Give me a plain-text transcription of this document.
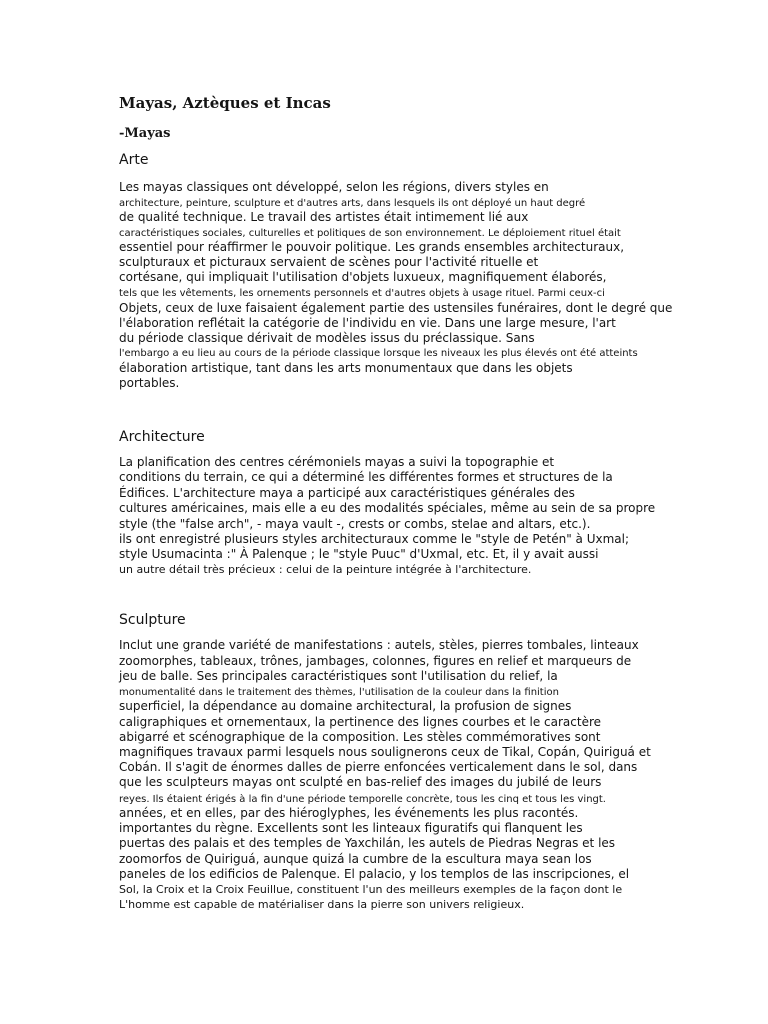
Mayas, Aztèques et Incas
-Mayas
Arte

Les mayas classiques ont développé, selon les régions, divers styles en

architecture, peinture, sculpture et d'autres arts, dans lesquels ils ont déployé un haut degré

de qualité technique. Le travail des artistes était intimement lié aux

caractéristiques sociales, culturelles et politiques de son environnement. Le déploiement rituel était

essentiel pour réaffirmer le pouvoir politique. Les grands ensembles architecturaux,

sculpturaux et picturaux servaient de scènes pour l'activité rituelle et

cortésane, qui impliquait l'utilisation d'objets luxueux, magnifiquement élaborés,

tels que les vêtements, les ornements personnels et d'autres objets à usage rituel. Parmi ceux-ci

Objets, ceux de luxe faisaient également partie des ustensiles funéraires, dont le degré que

l'élaboration reflétait la catégorie de l'individu en vie. Dans une large mesure, l'art

du période classique dérivait de modèles issus du préclassique. Sans

l'embargo a eu lieu au cours de la période classique lorsque les niveaux les plus élevés ont été atteints

élaboration artistique, tant dans les arts monumentaux que dans les objets

portables.

Architecture

La planification des centres cérémoniels mayas a suivi la topographie et

conditions du terrain, ce qui a déterminé les différentes formes et structures de la

Édifices. L'architecture maya a participé aux caractéristiques générales des

cultures américaines, mais elle a eu des modalités spéciales, même au sein de sa propre

style (the "false arch", - maya vault -, crests or combs, stelae and altars, etc.).

ils ont enregistré plusieurs styles architecturaux comme le "style de Petén" à Uxmal;

style Usumacinta :" À Palenque ; le "style Puuc" d'Uxmal, etc. Et, il y avait aussi

un autre détail très précieux : celui de la peinture intégrée à l'architecture.

Sculpture

Inclut une grande variété de manifestations : autels, stèles, pierres tombales, linteaux

zoomorphes, tableaux, trônes, jambages, colonnes, figures en relief et marqueurs de

jeu de balle. Ses principales caractéristiques sont l'utilisation du relief, la

monumentalité dans le traitement des thèmes, l'utilisation de la couleur dans la finition

superficiel, la dépendance au domaine architectural, la profusion de signes

caligraphiques et ornementaux, la pertinence des lignes courbes et le caractère

abigarré et scénographique de la composition. Les stèles commémoratives sont

magnifiques travaux parmi lesquels nous soulignerons ceux de Tikal, Copán, Quiriguá et

Cobán. Il s'agit de énormes dalles de pierre enfoncées verticalement dans le sol, dans

que les sculpteurs mayas ont sculpté en bas-relief des images du jubilé de leurs

reyes. Ils étaient érigés à la fin d'une période temporelle concrète, tous les cinq et tous les vingt.

années, et en elles, par des hiéroglyphes, les événements les plus racontés.

importantes du règne. Excellents sont les linteaux figuratifs qui flanquent les

puertas des palais et des temples de Yaxchilán, les autels de Piedras Negras et les

zoomorfos de Quiriguá, aunque quizá la cumbre de la escultura maya sean los

paneles de los edificios de Palenque. El palacio, y los templos de las inscripciones, el

Sol, la Croix et la Croix Feuillue, constituent l'un des meilleurs exemples de la façon dont le

L'homme est capable de matérialiser dans la pierre son univers religieux.
